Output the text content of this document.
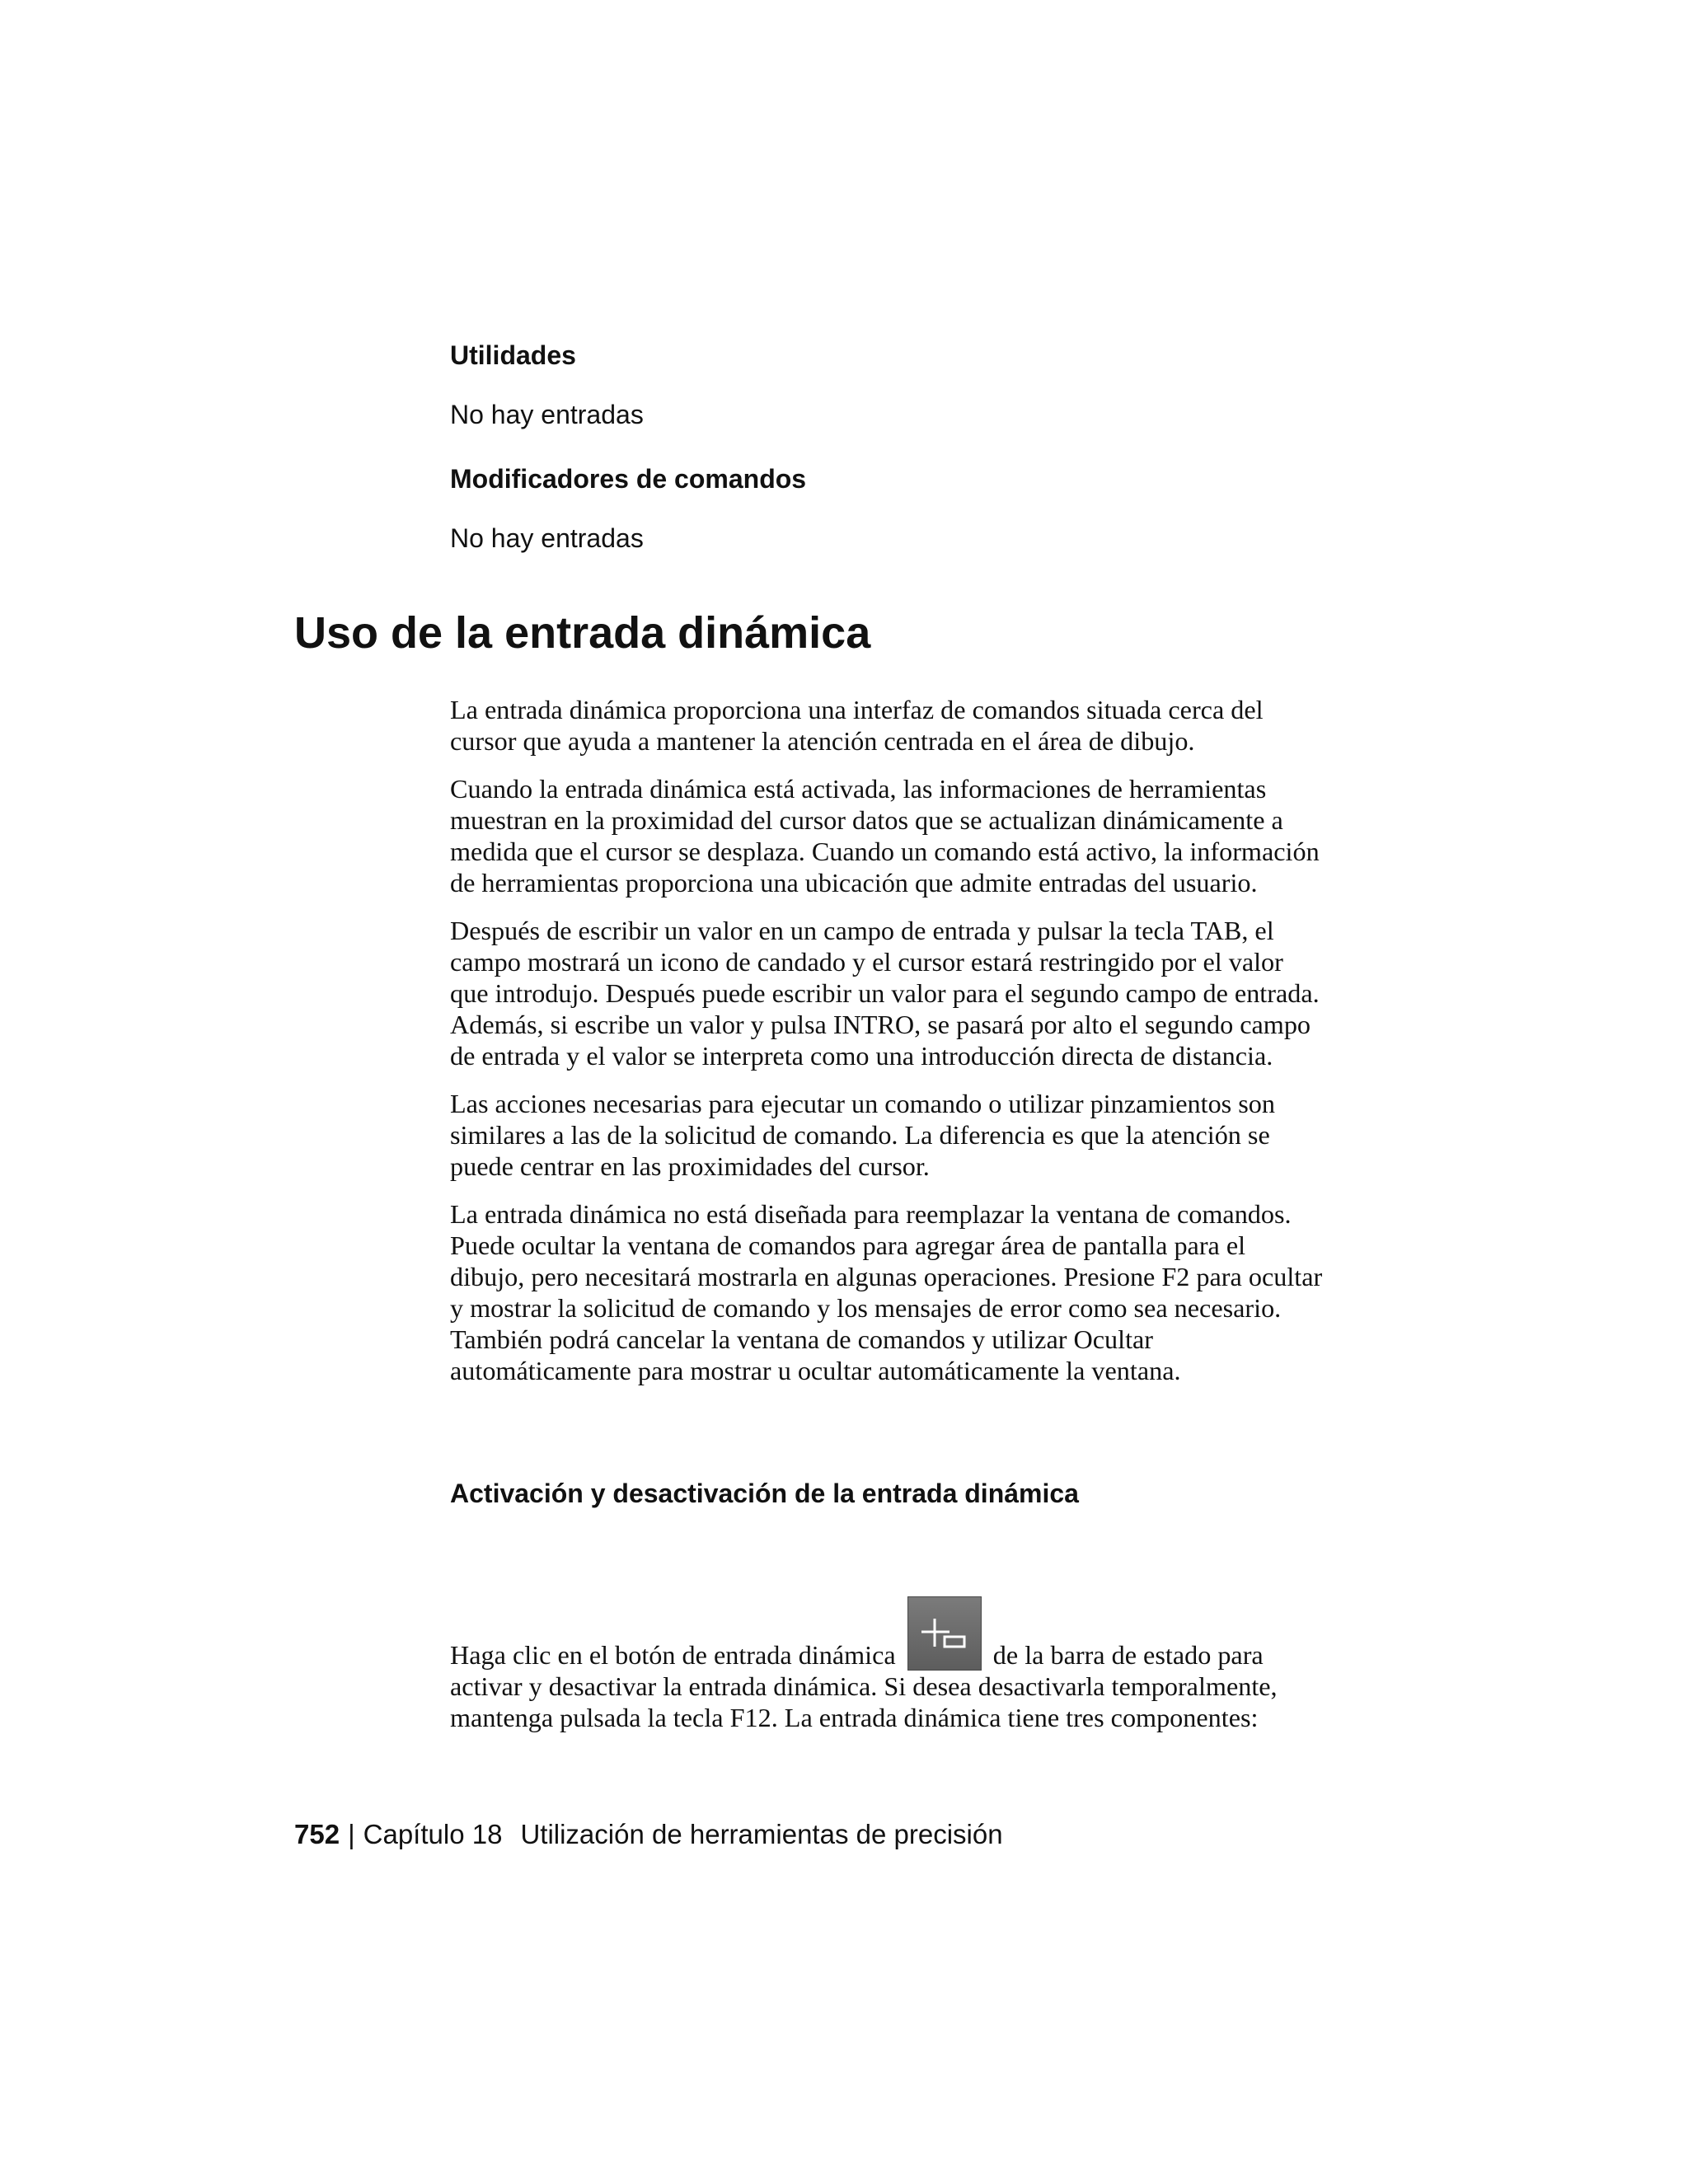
Utilidades

No hay entradas

Modificadores de comandos

No hay entradas

Uso de la entrada dinámica

La entrada dinámica proporciona una interfaz de comandos situada cerca del cursor que ayuda a mantener la atención centrada en el área de dibujo.

Cuando la entrada dinámica está activada, las informaciones de herramientas muestran en la proximidad del cursor datos que se actualizan dinámicamente a medida que el cursor se desplaza. Cuando un comando está activo, la información de herramientas proporciona una ubicación que admite entradas del usuario.

Después de escribir un valor en un campo de entrada y pulsar la tecla TAB, el campo mostrará un icono de candado y el cursor estará restringido por el valor que introdujo. Después puede escribir un valor para el segundo campo de entrada. Además, si escribe un valor y pulsa INTRO, se pasará por alto el segundo campo de entrada y el valor se interpreta como una introducción directa de distancia.

Las acciones necesarias para ejecutar un comando o utilizar pinzamientos son similares a las de la solicitud de comando. La diferencia es que la atención se puede centrar en las proximidades del cursor.

La entrada dinámica no está diseñada para reemplazar la ventana de comandos. Puede ocultar la ventana de comandos para agregar área de pantalla para el dibujo, pero necesitará mostrarla en algunas operaciones. Presione F2 para ocultar y mostrar la solicitud de comando y los mensajes de error como sea necesario. También podrá cancelar la ventana de comandos y utilizar Ocultar automáticamente para mostrar u ocultar automáticamente la ventana.

Activación y desactivación de la entrada dinámica

Haga clic en el botón de entrada dinámica	de la barra de estado para activar y desactivar la entrada dinámica. Si desea desactivarla temporalmente, mantenga pulsada la tecla F12. La entrada dinámica tiene tres componentes:

752 | Capítulo 18 Utilización de herramientas de precisión
